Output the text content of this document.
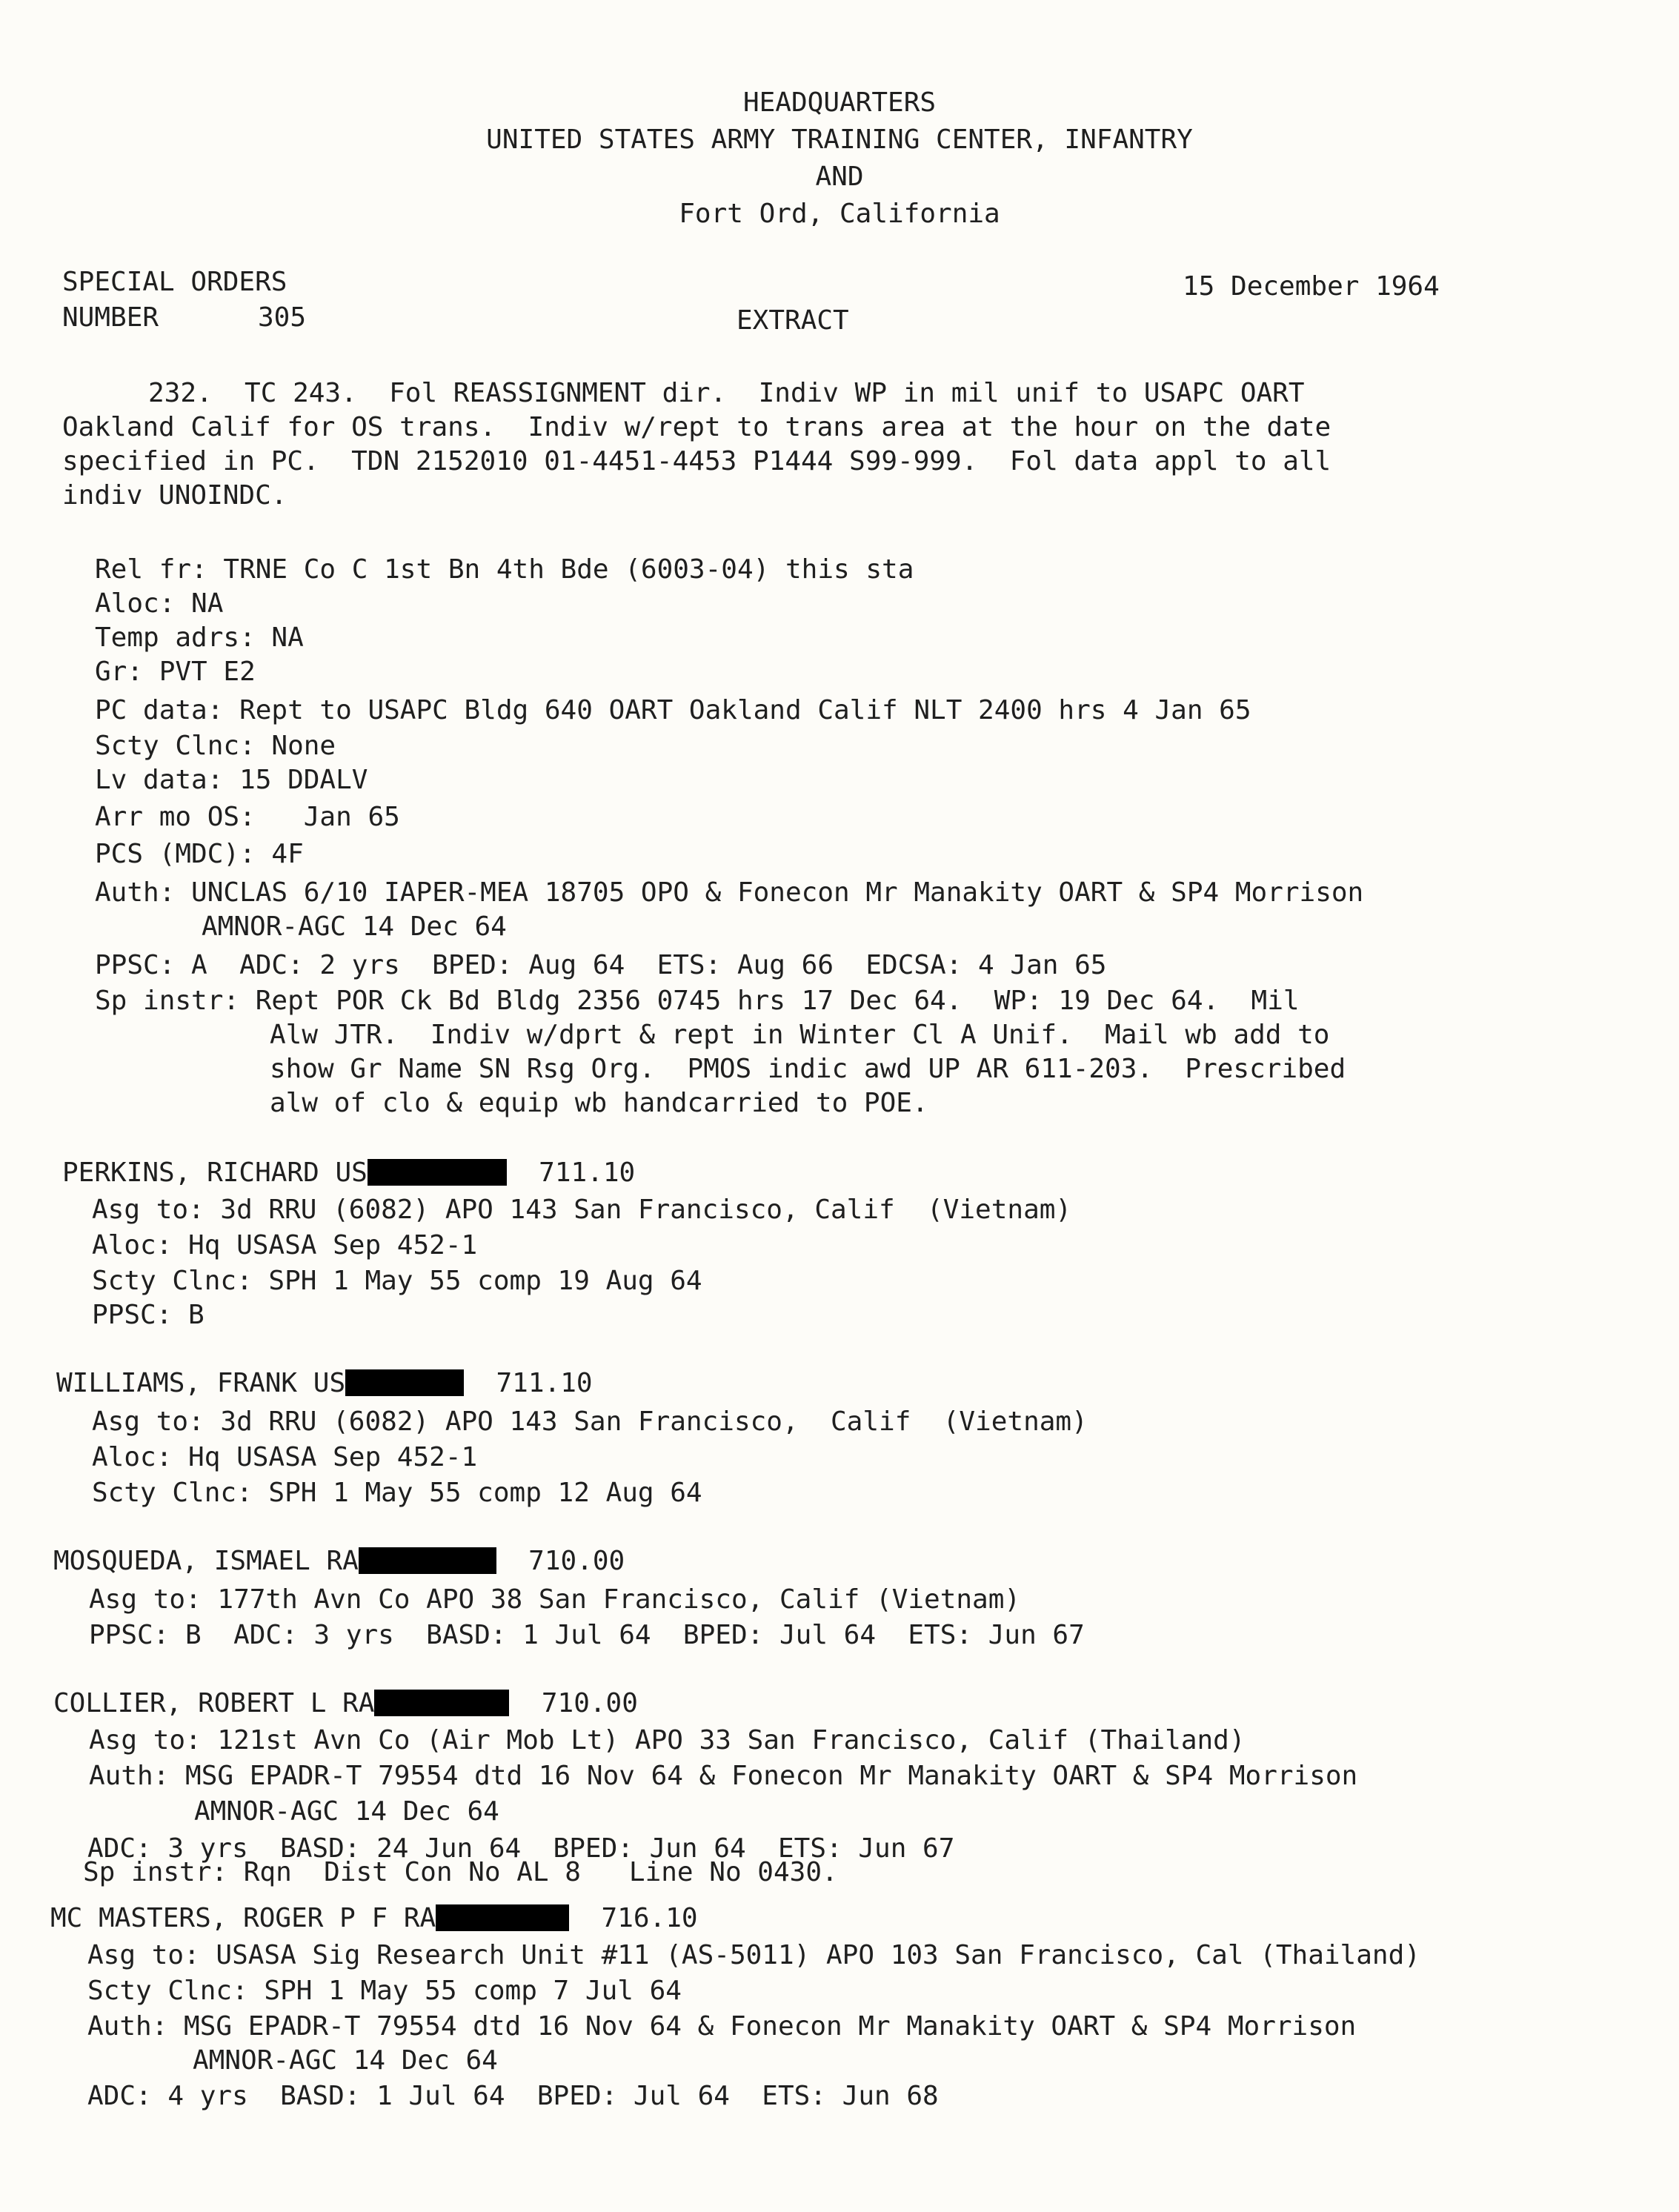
HEADQUARTERS
UNITED STATES ARMY TRAINING CENTER, INFANTRY
AND
Fort Ord, California
SPECIAL ORDERS
NUMBER	305
15 December 1964
EXTRACT
232.  TC 243.  Fol REASSIGNMENT dir.  Indiv WP in mil unif to USAPC OART
Oakland Calif for OS trans.  Indiv w/rept to trans area at the hour on the date
specified in PC.  TDN 2152010 01-4451-4453 P1444 S99-999.  Fol data appl to all
indiv UNOINDC.
Rel fr: TRNE Co C 1st Bn 4th Bde (6003-04) this sta
Aloc: NA
Temp adrs: NA
Gr: PVT E2
PC data: Rept to USAPC Bldg 640 OART Oakland Calif NLT 2400 hrs 4 Jan 65
Scty Clnc: None
Lv data: 15 DDALV
Arr mo OS:   Jan 65
PCS (MDC): 4F
Auth: UNCLAS 6/10 IAPER-MEA 18705 OPO & Fonecon Mr Manakity OART & SP4 Morrison
AMNOR-AGC 14 Dec 64
PPSC: A  ADC: 2 yrs  BPED: Aug 64  ETS: Aug 66  EDCSA: 4 Jan 65
Sp instr: Rept POR Ck Bd Bldg 2356 0745 hrs 17 Dec 64.  WP: 19 Dec 64.  Mil
Alw JTR.  Indiv w/dprt & rept in Winter Cl A Unif.  Mail wb add to
show Gr Name SN Rsg Org.  PMOS indic awd UP AR 611-203.  Prescribed
alw of clo & equip wb handcarried to POE.
PERKINS, RICHARD US	711.10
Asg to: 3d RRU (6082) APO 143 San Francisco, Calif  (Vietnam)
Aloc: Hq USASA Sep 452-1
Scty Clnc: SPH 1 May 55 comp 19 Aug 64
PPSC: B
WILLIAMS, FRANK US	711.10
Asg to: 3d RRU (6082) APO 143 San Francisco,  Calif  (Vietnam)
Aloc: Hq USASA Sep 452-1
Scty Clnc: SPH 1 May 55 comp 12 Aug 64
MOSQUEDA, ISMAEL RA	710.00
Asg to: 177th Avn Co APO 38 San Francisco, Calif (Vietnam)
PPSC: B  ADC: 3 yrs  BASD: 1 Jul 64  BPED: Jul 64  ETS: Jun 67
COLLIER, ROBERT L RA	710.00
Asg to: 121st Avn Co (Air Mob Lt) APO 33 San Francisco, Calif (Thailand)
Auth: MSG EPADR-T 79554 dtd 16 Nov 64 & Fonecon Mr Manakity OART & SP4 Morrison
AMNOR-AGC 14 Dec 64
ADC: 3 yrs  BASD: 24 Jun 64  BPED: Jun 64  ETS: Jun 67
Sp instr: Rqn  Dist Con No AL 8   Line No 0430.
MC MASTERS, ROGER P F RA	716.10
Asg to: USASA Sig Research Unit #11 (AS-5011) APO 103 San Francisco, Cal (Thailand)
Scty Clnc: SPH 1 May 55 comp 7 Jul 64
Auth: MSG EPADR-T 79554 dtd 16 Nov 64 & Fonecon Mr Manakity OART & SP4 Morrison
AMNOR-AGC 14 Dec 64
ADC: 4 yrs  BASD: 1 Jul 64  BPED: Jul 64  ETS: Jun 68
